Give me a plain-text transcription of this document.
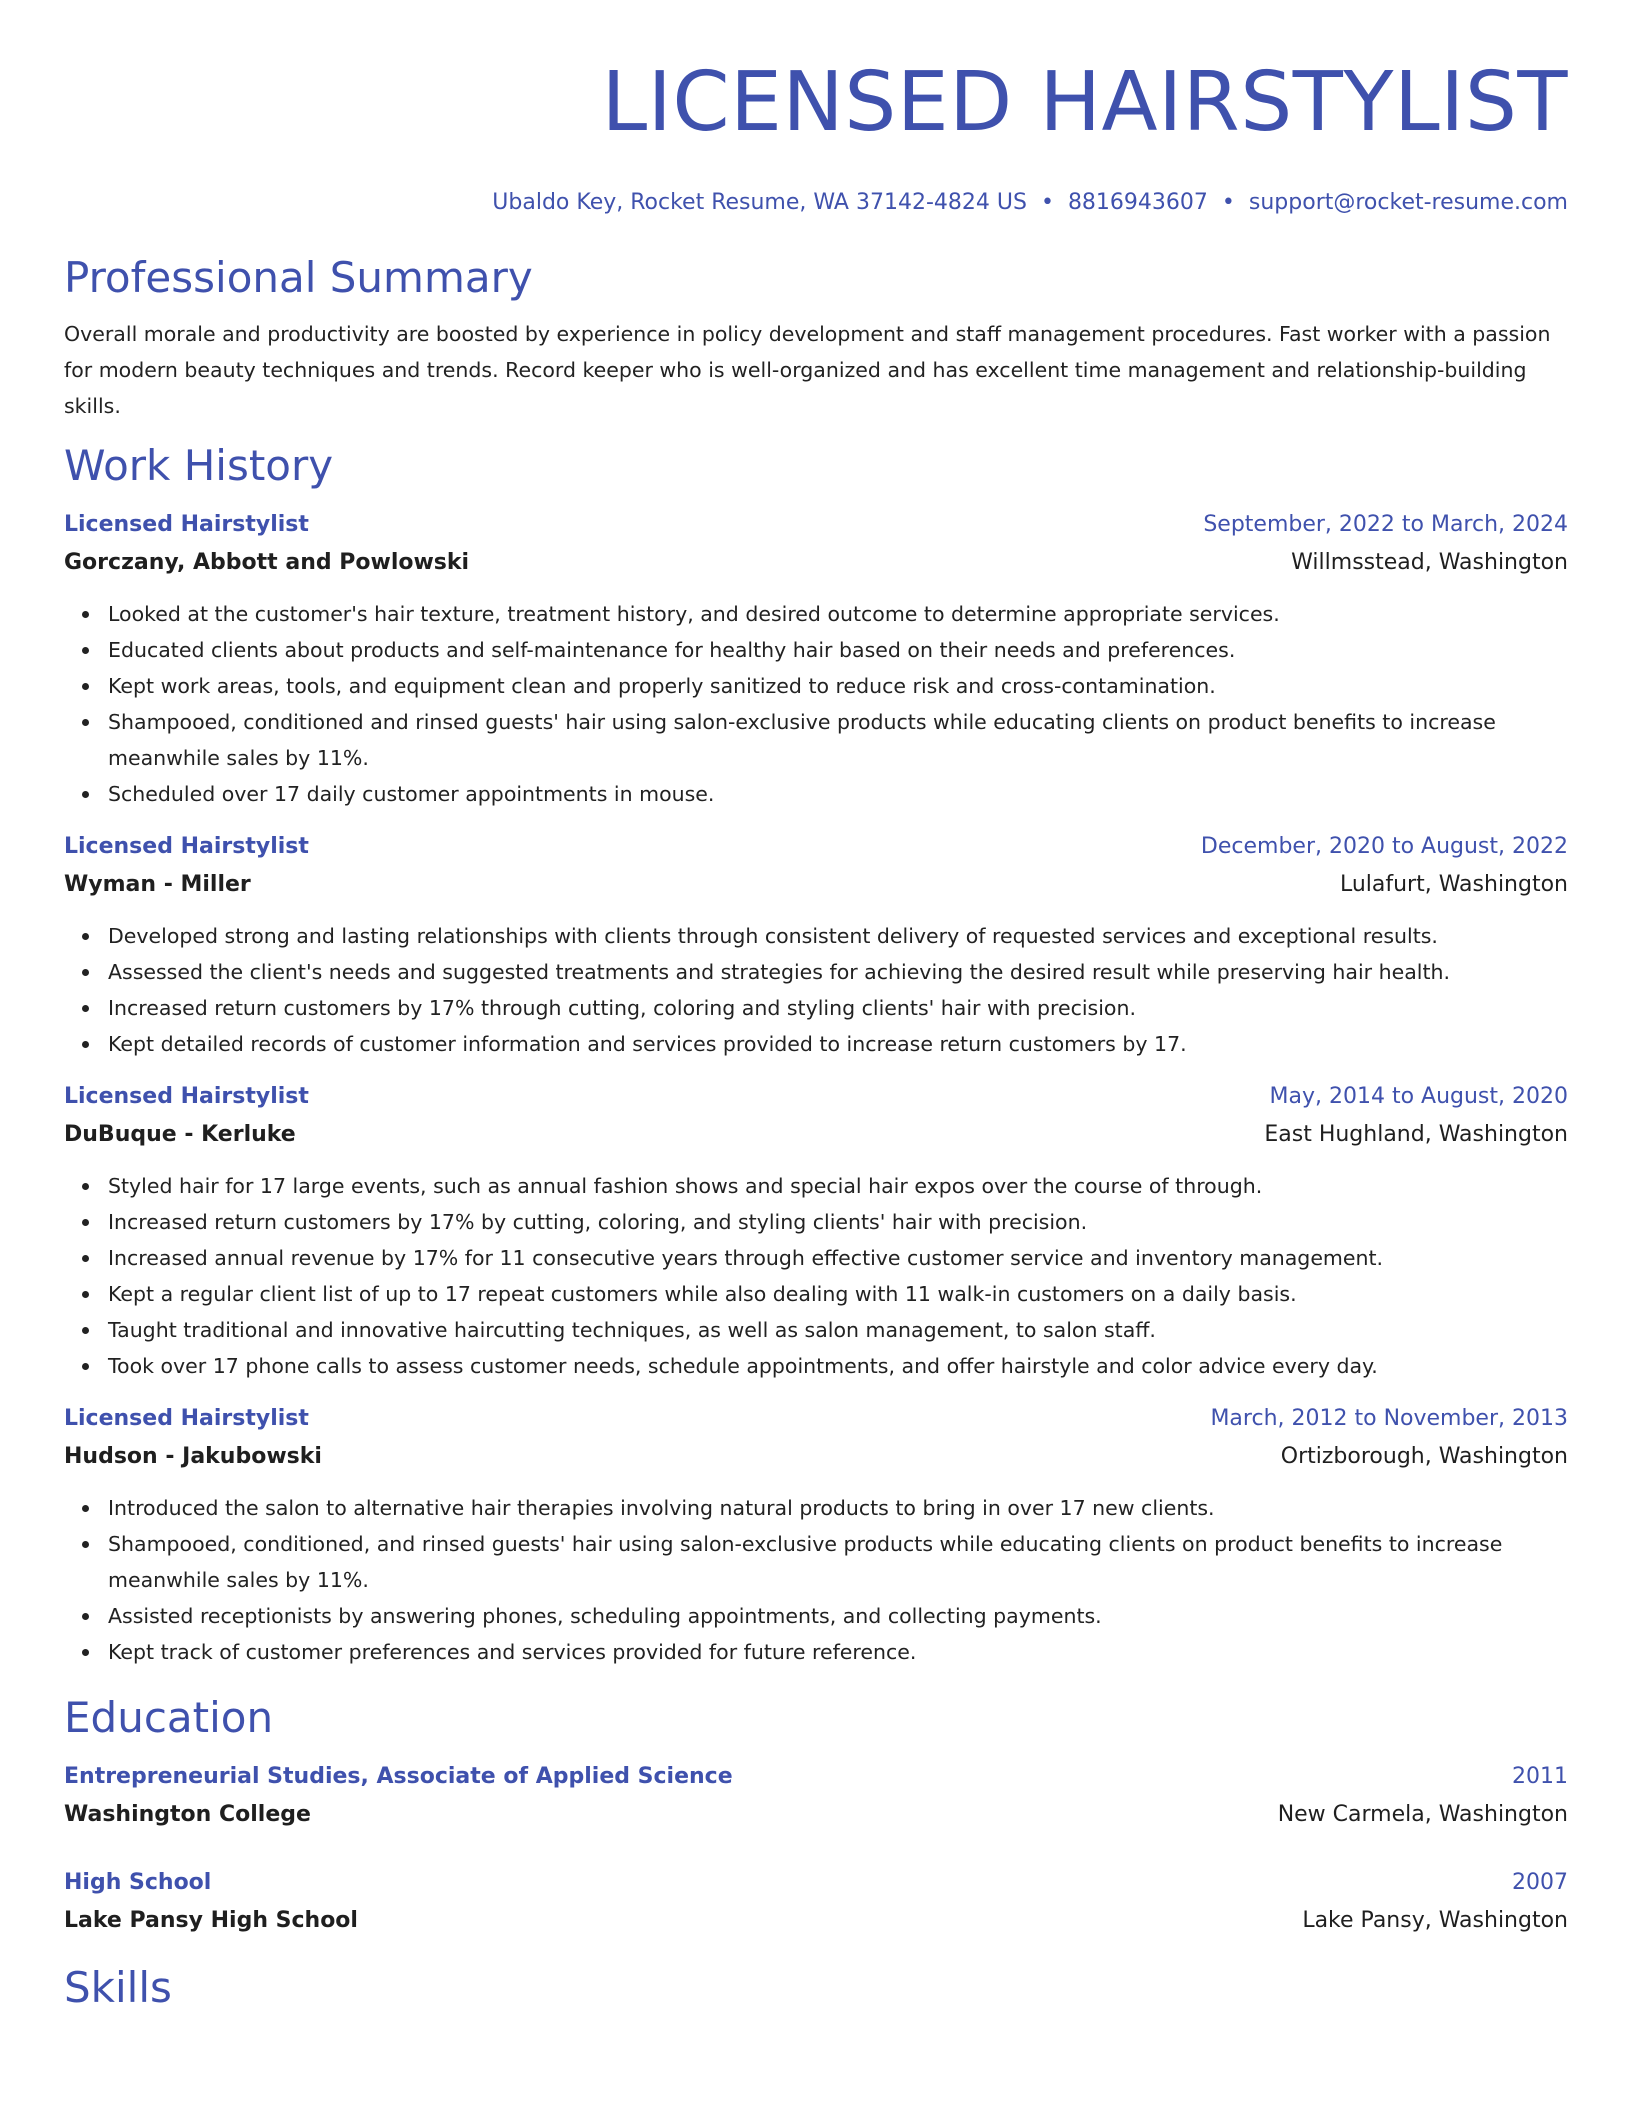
LICENSED HAIRSTYLIST
Ubaldo Key, Rocket Resume, WA 37142-4824 US • 8816943607 • support@rocket-resume.com
Professional Summary

Overall morale and productivity are boosted by experience in policy development and staff management procedures. Fast worker with a passion for modern beauty techniques and trends. Record keeper who is well-organized and has excellent time management and relationship-building skills.

Work History
Licensed Hairstylist	September, 2022 to March, 2024
Gorczany, Abbott and Powlowski	Willmsstead, Washington
Looked at the customer's hair texture, treatment history, and desired outcome to determine appropriate services.
Educated clients about products and self-maintenance for healthy hair based on their needs and preferences.
Kept work areas, tools, and equipment clean and properly sanitized to reduce risk and cross-contamination.
Shampooed, conditioned and rinsed guests' hair using salon-exclusive products while educating clients on product benefits to increase meanwhile sales by 11%.
Scheduled over 17 daily customer appointments in mouse.
Licensed Hairstylist	December, 2020 to August, 2022
Wyman - Miller	Lulafurt, Washington
Developed strong and lasting relationships with clients through consistent delivery of requested services and exceptional results.
Assessed the client's needs and suggested treatments and strategies for achieving the desired result while preserving hair health.
Increased return customers by 17% through cutting, coloring and styling clients' hair with precision.
Kept detailed records of customer information and services provided to increase return customers by 17.
Licensed Hairstylist	May, 2014 to August, 2020
DuBuque - Kerluke	East Hughland, Washington
Styled hair for 17 large events, such as annual fashion shows and special hair expos over the course of through.
Increased return customers by 17% by cutting, coloring, and styling clients' hair with precision.
Increased annual revenue by 17% for 11 consecutive years through effective customer service and inventory management.
Kept a regular client list of up to 17 repeat customers while also dealing with 11 walk-in customers on a daily basis.
Taught traditional and innovative haircutting techniques, as well as salon management, to salon staff.
Took over 17 phone calls to assess customer needs, schedule appointments, and offer hairstyle and color advice every day.
Licensed Hairstylist	March, 2012 to November, 2013
Hudson - Jakubowski	Ortizborough, Washington
Introduced the salon to alternative hair therapies involving natural products to bring in over 17 new clients.
Shampooed, conditioned, and rinsed guests' hair using salon-exclusive products while educating clients on product benefits to increase meanwhile sales by 11%.
Assisted receptionists by answering phones, scheduling appointments, and collecting payments.
Kept track of customer preferences and services provided for future reference.
Education
Entrepreneurial Studies, Associate of Applied Science	2011
Washington College	New Carmela, Washington
High School	2007
Lake Pansy High School	Lake Pansy, Washington
Skills
